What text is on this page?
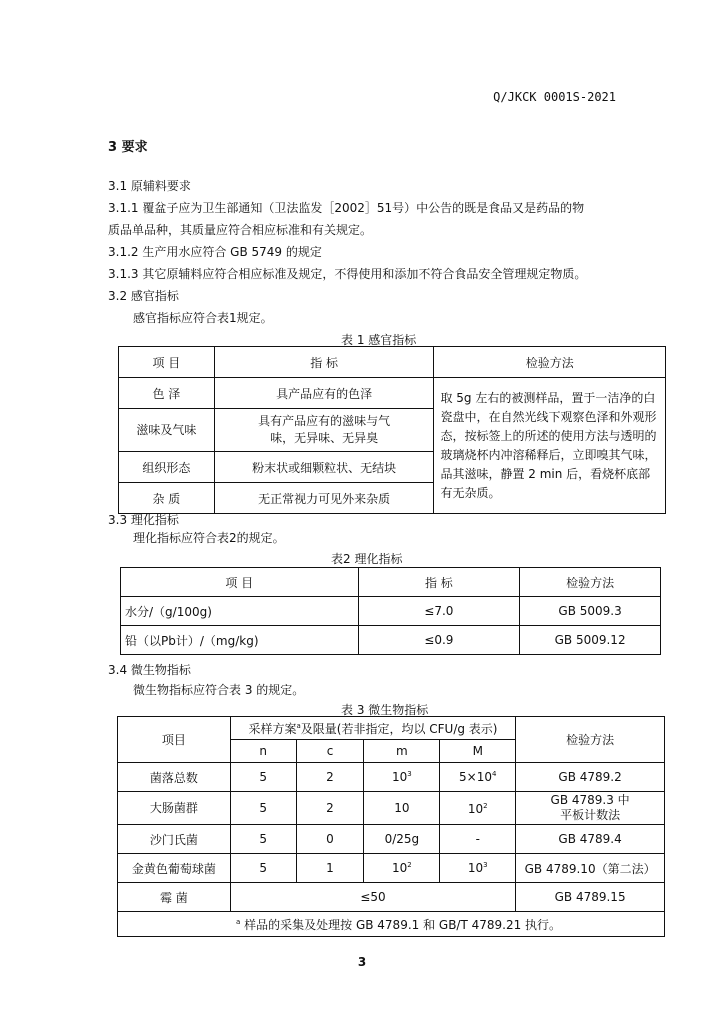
Q/JKCK 0001S-2021
3 要求
3.1 原辅料要求
3.1.1 覆盆子应为卫生部通知（卫法监发［2002］51号）中公告的既是食品又是药品的物
质品单品种，其质量应符合相应标准和有关规定。
3.1.2 生产用水应符合 GB 5749 的规定
3.1.3 其它原辅料应符合相应标准及规定，不得使用和添加不符合食品安全管理规定物质。
3.2 感官指标
感官指标应符合表1规定。
表 1 感官指标
项 目	指 标	检验方法
色 泽	具产品应有的色泽	取 5g 左右的被测样品，置于一洁净的白瓷盘中，在自然光线下观察色泽和外观形态，按标签上的所述的使用方法与透明的玻璃烧杯内冲溶稀释后，立即嗅其气味，品其滋味，静置 2 min 后，看烧杯底部有无杂质。
滋味及气味	具有产品应有的滋味与气味，无异味、无异臭	
组织形态	粉末状或细颗粒状、无结块	
杂 质	无正常视力可见外来杂质	
3.3 理化指标
理化指标应符合表2的规定。
表2 理化指标
项 目	指 标	检验方法
水分/（g/100g)	≤7.0	GB 5009.3
铅（以Pb计）/（mg/kg)	≤0.9	GB 5009.12
3.4 微生物指标
微生物指标应符合表 3 的规定。
表 3 微生物指标
项目	采样方案$^a$及限量(若非指定，均以 CFU/g 表示)				检验方法
	n	c	m	M	
菌落总数	5	2	$10^3$	$5\times 10^4$	GB 4789.2
大肠菌群	5	2	10	$10^2$	GB 4789.3 中
平板计数法

沙门氏菌	5	0	0/25g	-	GB 4789.4
金黄色葡萄球菌	5	1	$10^2$	$10^3$	GB 4789.10（第二法）
霉 菌	≤50				GB 4789.15
$^a$ 样品的采集及处理按 GB 4789.1 和 GB/T 4789.21 执行。					
3
